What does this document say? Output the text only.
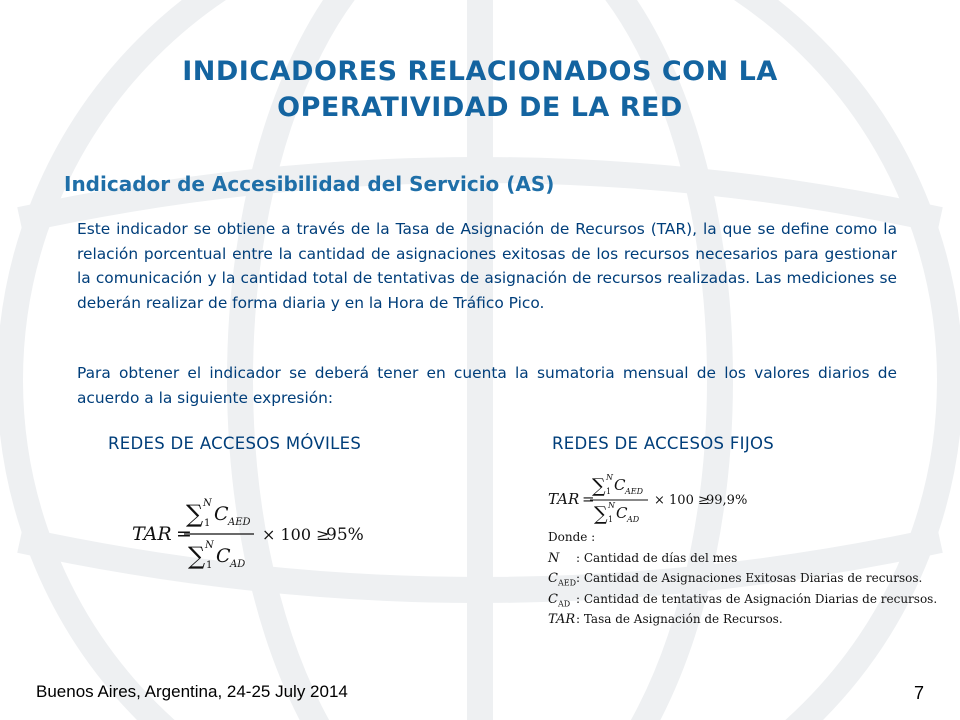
INDICADORES RELACIONADOS CON LA
OPERATIVIDAD DE LA RED
Indicador de Accesibilidad del Servicio (AS)

Este indicador se obtiene a través de la Tasa de Asignación de Recursos (TAR), la que se define como la relación porcentual entre la cantidad de asignaciones exitosas de los recursos necesarios para gestionar la comunicación y la cantidad total de tentativas de asignación de recursos realizadas. Las mediciones se deberán realizar de forma diaria y en la Hora de Tráfico Pico.

Para obtener el indicador se deberá tener en cuenta la sumatoria mensual de los valores diarios de acuerdo a la siguiente expresión:

REDES DE ACCESOS MÓVILES	REDES DE ACCESOS FIJOS
TAR =
∑ N
1 C AED
∑ N
1 C AD
× 100 ≥
95%
TAR =
∑ N
1 C AED
∑ N
1 C AD
× 100 ≥
99,9%
Donde :
N : Cantidad de días del mes
$C_{AED}$: Cantidad de Asignaciones Exitosas Diarias de recursos.
$C_{AD}$ : Cantidad de tentativas de Asignación Diarias de recursos.
TAR: Tasa de Asignación de Recursos.
Buenos Aires, Argentina, 24-25 July 2014	7
